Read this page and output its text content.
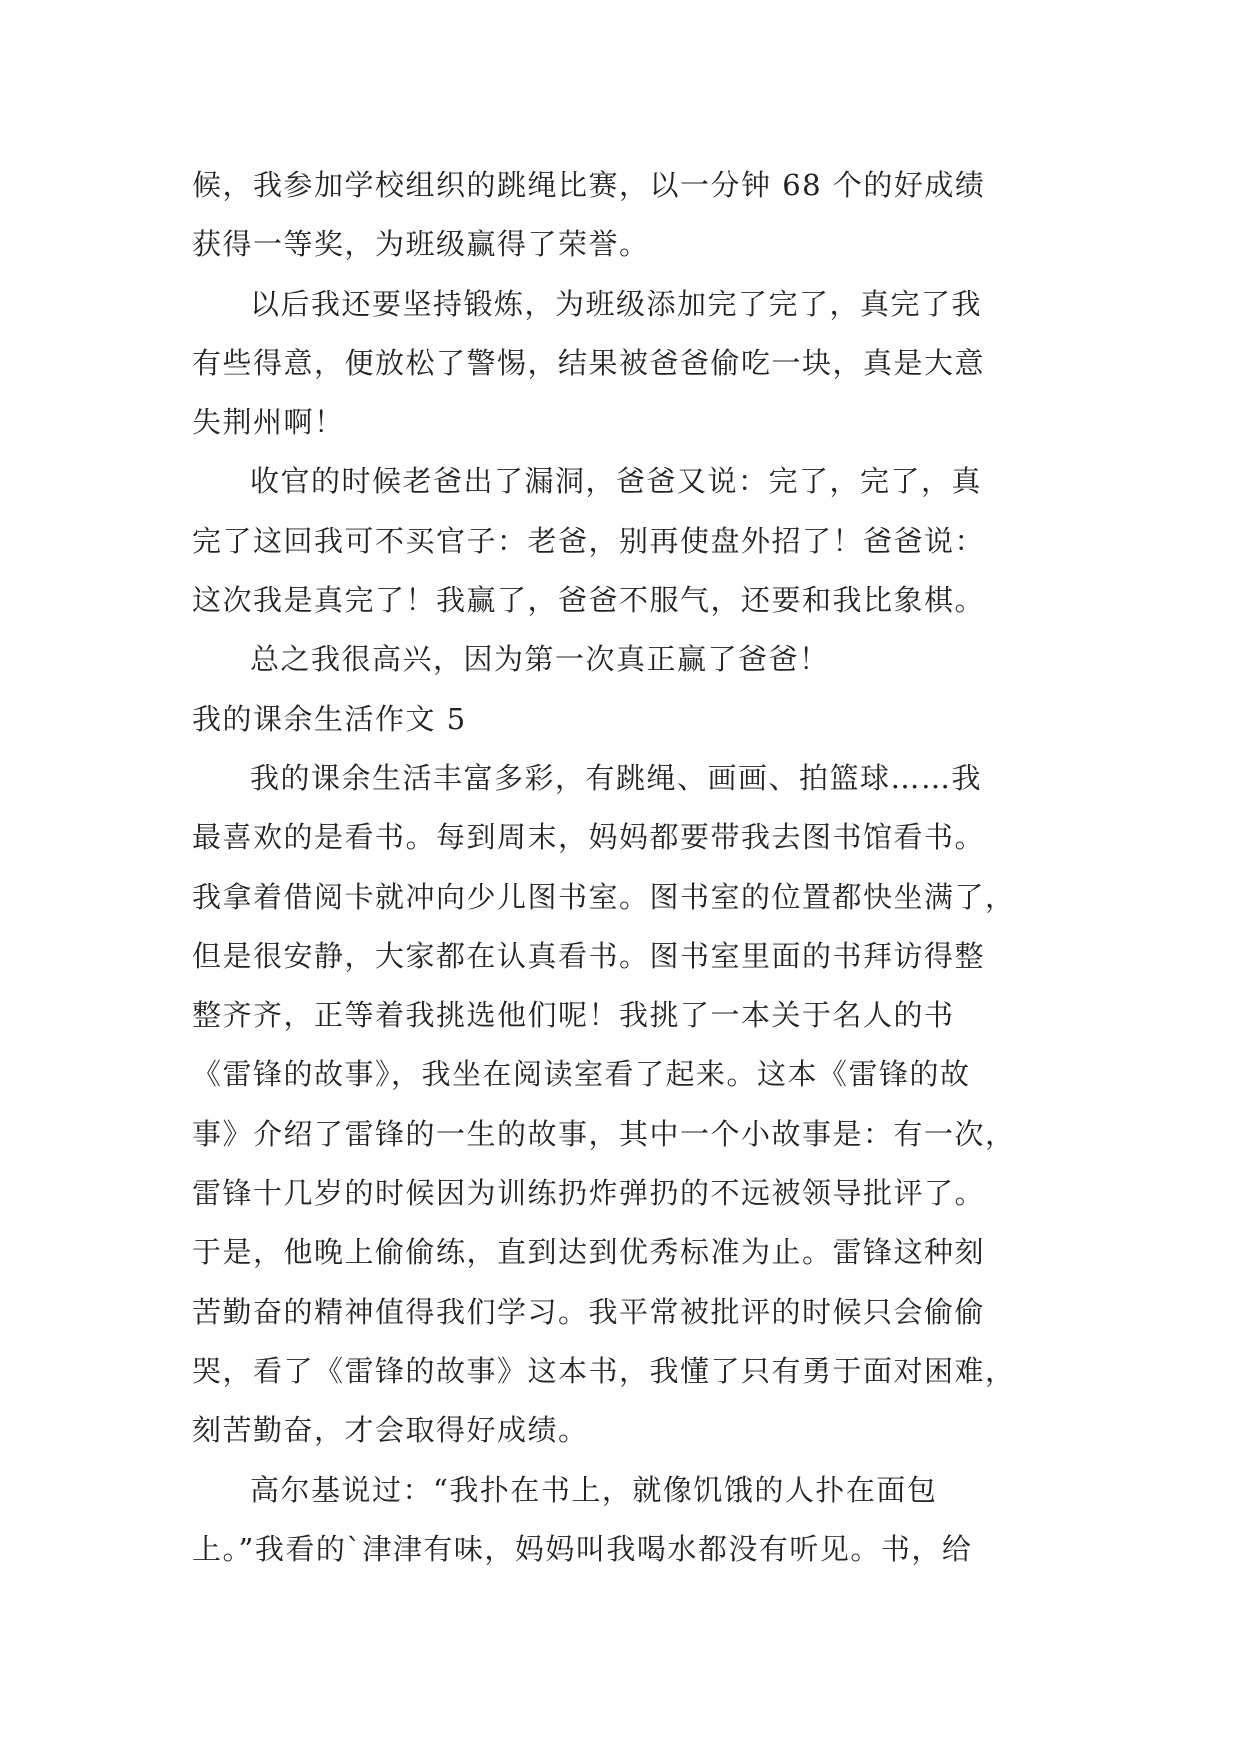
候，我参加学校组织的跳绳比赛，以一分钟 68 个的好成绩
获得一等奖，为班级赢得了荣誉。

以后我还要坚持锻炼，为班级添加完了完了，真完了我
有些得意，便放松了警惕，结果被爸爸偷吃一块，真是大意
失荆州啊！

收官的时候老爸出了漏洞，爸爸又说：完了，完了，真
完了这回我可不买官子：老爸，别再使盘外招了！爸爸说：
这次我是真完了！我赢了，爸爸不服气，还要和我比象棋。

总之我很高兴，因为第一次真正赢了爸爸！

我的课余生活作文 5

我的课余生活丰富多彩，有跳绳、画画、拍篮球……我
最喜欢的是看书。每到周末，妈妈都要带我去图书馆看书。
我拿着借阅卡就冲向少儿图书室。图书室的位置都快坐满了，
但是很安静，大家都在认真看书。图书室里面的书拜访得整
整齐齐，正等着我挑选他们呢！我挑了一本关于名人的书
《雷锋的故事》，我坐在阅读室看了起来。这本《雷锋的故
事》介绍了雷锋的一生的故事，其中一个小故事是：有一次，
雷锋十几岁的时候因为训练扔炸弹扔的不远被领导批评了。
于是，他晚上偷偷练，直到达到优秀标准为止。雷锋这种刻
苦勤奋的精神值得我们学习。我平常被批评的时候只会偷偷
哭，看了《雷锋的故事》这本书，我懂了只有勇于面对困难，
刻苦勤奋，才会取得好成绩。

高尔基说过：“我扑在书上，就像饥饿的人扑在面包
上。”我看的`津津有味，妈妈叫我喝水都没有听见。书，给
